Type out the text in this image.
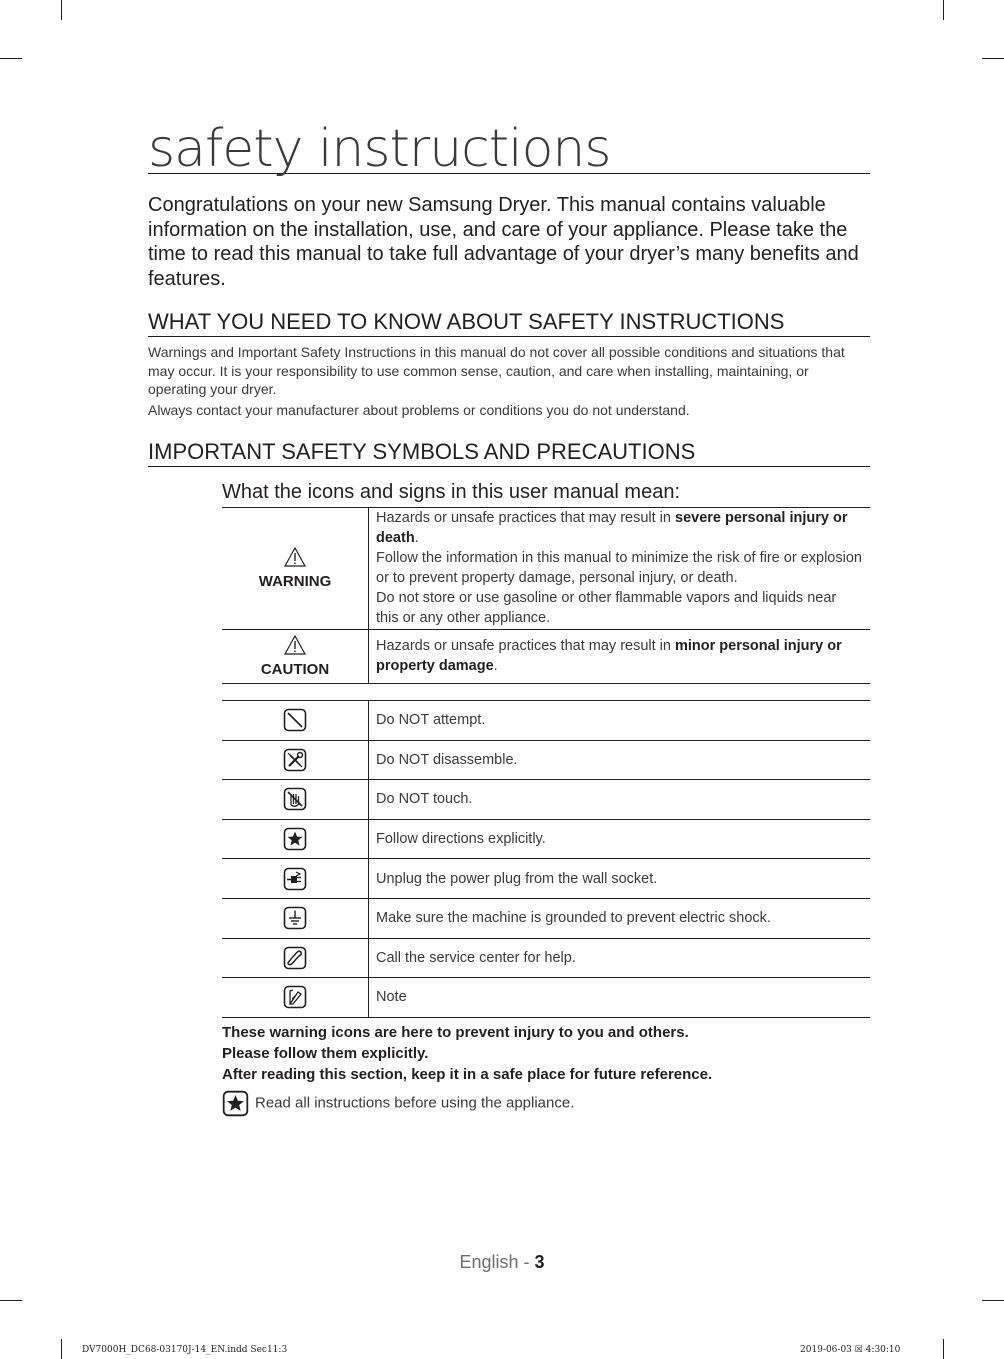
safety instructions
Congratulations on your new Samsung Dryer. This manual contains valuable information on the installation, use, and care of your appliance. Please take the time to read this manual to take full advantage of your dryer’s many benefits and features.
WHAT YOU NEED TO KNOW ABOUT SAFETY INSTRUCTIONS
Warnings and Important Safety Instructions in this manual do not cover all possible conditions and situations that may occur. It is your responsibility to use common sense, caution, and care when installing, maintaining, or operating your dryer.
Always contact your manufacturer about problems or conditions you do not understand.
IMPORTANT SAFETY SYMBOLS AND PRECAUTIONS
What the icons and signs in this user manual mean:
WARNING	Hazards or unsafe practices that may result in severe personal injury or death.

Follow the information in this manual to minimize the risk of fire or explosion or to prevent property damage, personal injury, or death.

Do not store or use gasoline or other flammable vapors and liquids near this or any other appliance.

CAUTION	Hazards or unsafe practices that may result in minor personal injury or property damage.

	Do NOT attempt.
	Do NOT disassemble.
	Do NOT touch.
	Follow directions explicitly.
	Unplug the power plug from the wall socket.
	Make sure the machine is grounded to prevent electric shock.
	Call the service center for help.
	Note
These warning icons are here to prevent injury to you and others.
Please follow them explicitly.
After reading this section, keep it in a safe place for future reference.
Read all instructions before using the appliance.
English - 3
DV7000H_DC68-03170J-14_EN.indd Sec11:3	2019-06-03 ☒ 4:30:10
